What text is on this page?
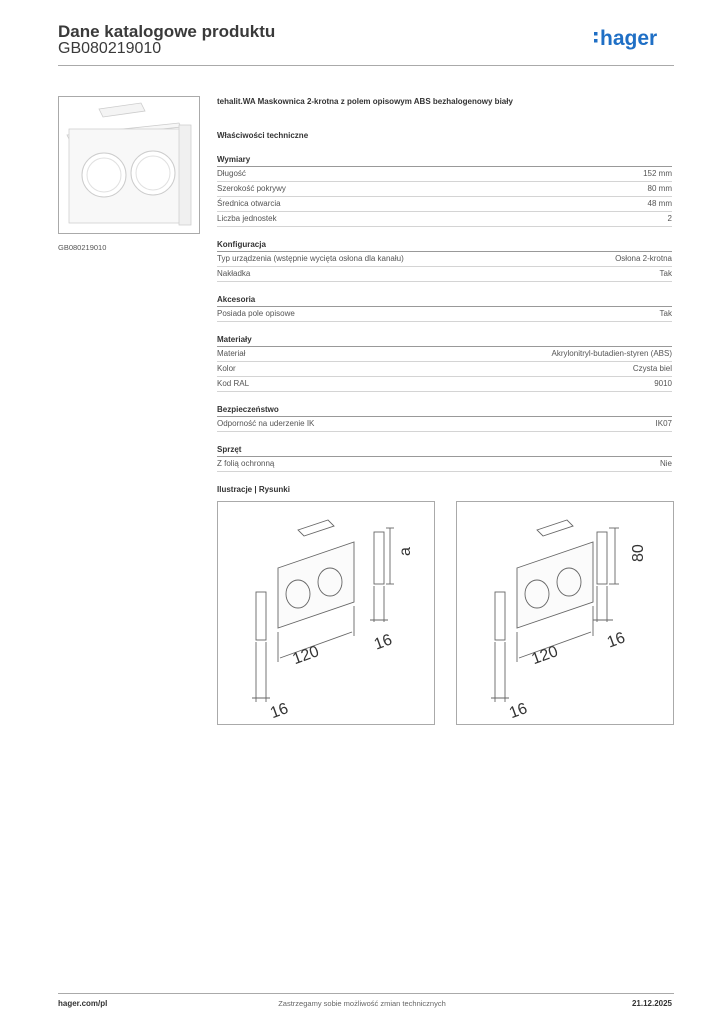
Dane katalogowe produktu
GB080219010	hager
GB080219010
tehalit.WA Maskownica 2-krotna z polem opisowym ABS bezhalogenowy biały
Właściwości techniczne
Wymiary
Długość	152 mm
Szerokość pokrywy	80 mm
Średnica otwarcia	48 mm
Liczba jednostek	2
Konfiguracja
Typ urządzenia (wstępnie wycięta osłona dla kanału)	Osłona 2-krotna
Nakładka	Tak
Akcesoria
Posiada pole opisowe	Tak
Materiały
Materiał	Akrylonitryl-butadien-styren (ABS)
Kolor	Czysta biel
Kod RAL	9010
Bezpieczeństwo
Odporność na uderzenie IK	IK07
Sprzęt
Z folią ochronną	Nie
Ilustracje | Rysunki
120
16
16
a
120
16
16
80
hager.com/pl	Zastrzegamy sobie możliwość zmian technicznych	21.12.2025
